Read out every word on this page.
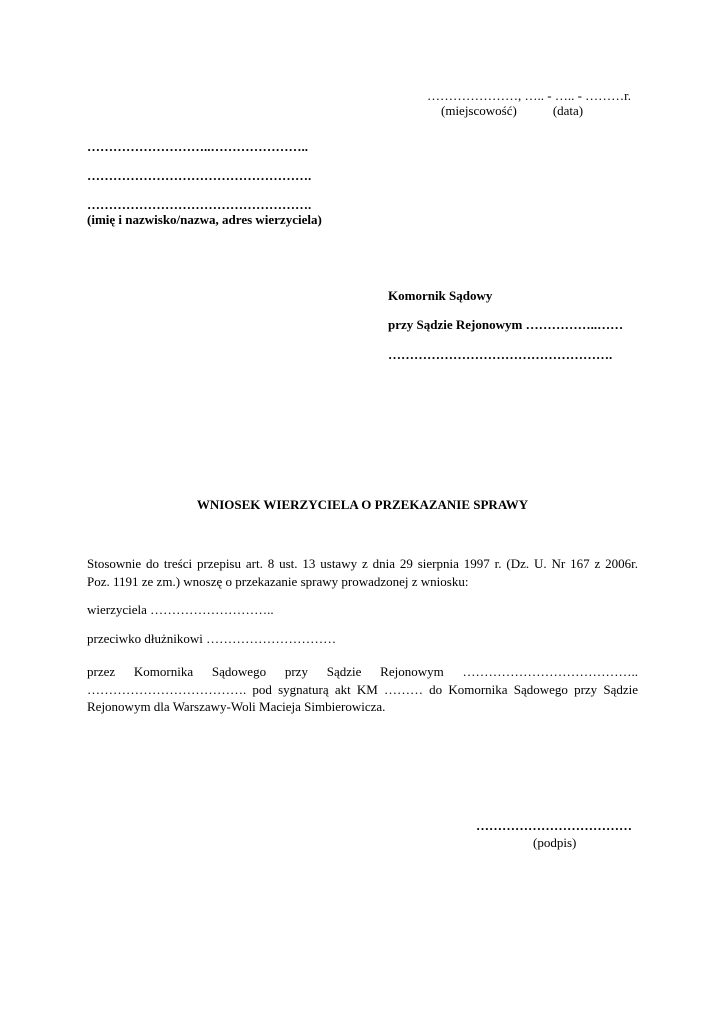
…………………, ….. - ….. - ………r.
(miejscowość)	(data)
………………………..…………………..
…………………………………………….
…………………………………………….
(imię i nazwisko/nazwa, adres wierzyciela)
Komornik Sądowy
przy Sądzie Rejonowym ……………..……
…………………………………………….
WNIOSEK WIERZYCIELA O PRZEKAZANIE SPRAWY
Stosownie do treści przepisu art. 8 ust. 13 ustawy z dnia 29 sierpnia 1997 r. (Dz. U. Nr 167 z 2006r.
Poz. 1191 ze zm.) wnoszę o przekazanie sprawy prowadzonej z wniosku:
wierzyciela ………………………..
przeciwko dłużnikowi …………………………
przez Komornika Sądowego przy Sądzie Rejonowym …………………………………..
………………………………. pod sygnaturą akt KM ……… do Komornika Sądowego przy Sądzie
Rejonowym dla Warszawy-Woli Macieja Simbierowicza.
………………………………
(podpis)
